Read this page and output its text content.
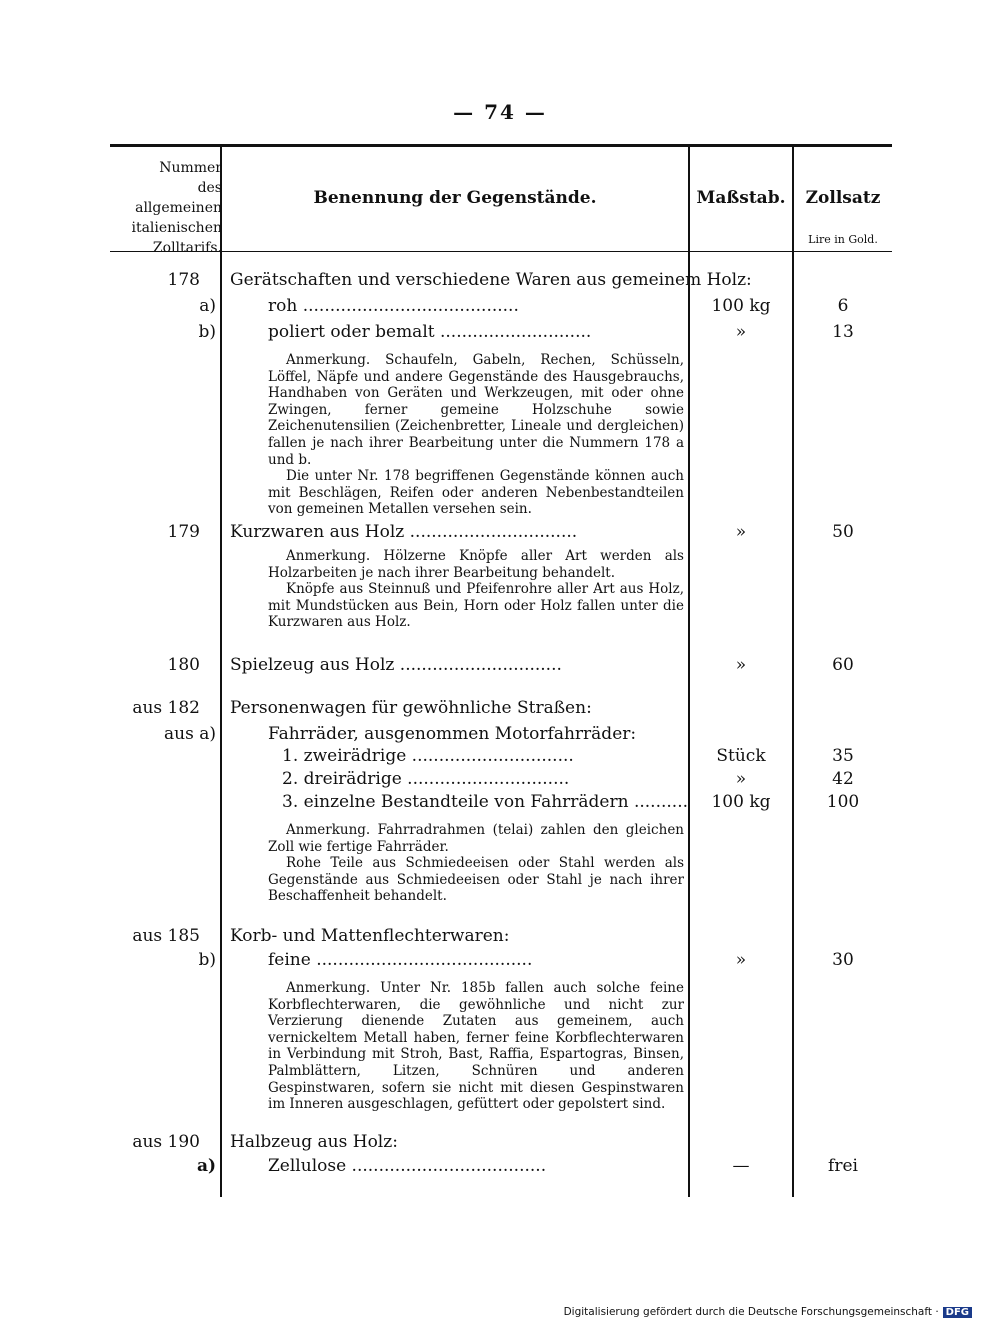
— 74 —
Nummer
des allgemeinen
italienischen
Zolltarifs.
Benennung der Gegenstände.	Maßstab.	Zollsatz
Lire in Gold.
178 Gerätschaften und verschiedene Waren aus gemeinem Holz:
a)	roh ........................................	100 kg	6
b)	poliert oder bemalt ............................	»	13

Anmerkung. Schaufeln, Gabeln, Rechen, Schüsseln, Löffel, Näpfe und andere Gegenstände des Hausgebrauchs, Handhaben von Geräten und Werkzeugen, mit oder ohne Zwingen, ferner gemeine Holzschuhe sowie Zeichenutensilien (Zeichenbretter, Lineale und dergleichen) fallen je nach ihrer Bearbeitung unter die Nummern 178 a und b.

Die unter Nr. 178 begriffenen Gegenstände können auch mit Beschlägen, Reifen oder anderen Nebenbestandteilen von gemeinen Metallen versehen sein.

179 Kurzwaren aus Holz ...............................	»	50

Anmerkung. Hölzerne Knöpfe aller Art werden als Holzarbeiten je nach ihrer Bearbeitung behandelt.

Knöpfe aus Steinnuß und Pfeifenrohre aller Art aus Holz, mit Mundstücken aus Bein, Horn oder Holz fallen unter die Kurzwaren aus Holz.

180 Spielzeug aus Holz ..............................	»	60
aus 182 Personenwagen für gewöhnliche Straßen:
aus a)	Fahrräder, ausgenommen Motorfahrräder:
1. zweirädrige ..............................	Stück	35
2. dreirädrige ..............................	»	42
3. einzelne Bestandteile von Fahrrädern ..........	100 kg	100

Anmerkung. Fahrradrahmen (telai) zahlen den gleichen Zoll wie fertige Fahrräder.

Rohe Teile aus Schmiedeeisen oder Stahl werden als Gegenstände aus Schmiedeeisen oder Stahl je nach ihrer Beschaffenheit behandelt.

aus 185 Korb- und Mattenflechterwaren:
b)	feine ........................................	»	30

Anmerkung. Unter Nr. 185b fallen auch solche feine Korbflechterwaren, die gewöhnliche und nicht zur Verzierung dienende Zutaten aus gemeinem, auch vernickeltem Metall haben, ferner feine Korbflechterwaren in Verbindung mit Stroh, Bast, Raffia, Espartogras, Binsen, Palmblättern, Litzen, Schnüren und anderen Gespinstwaren, sofern sie nicht mit diesen Gespinstwaren im Inneren ausgeschlagen, gefüttert oder gepolstert sind.

aus 190 Halbzeug aus Holz:
a)	Zellulose ....................................	—	frei
Digitalisierung gefördert durch die Deutsche Forschungsgemeinschaft · DFG
